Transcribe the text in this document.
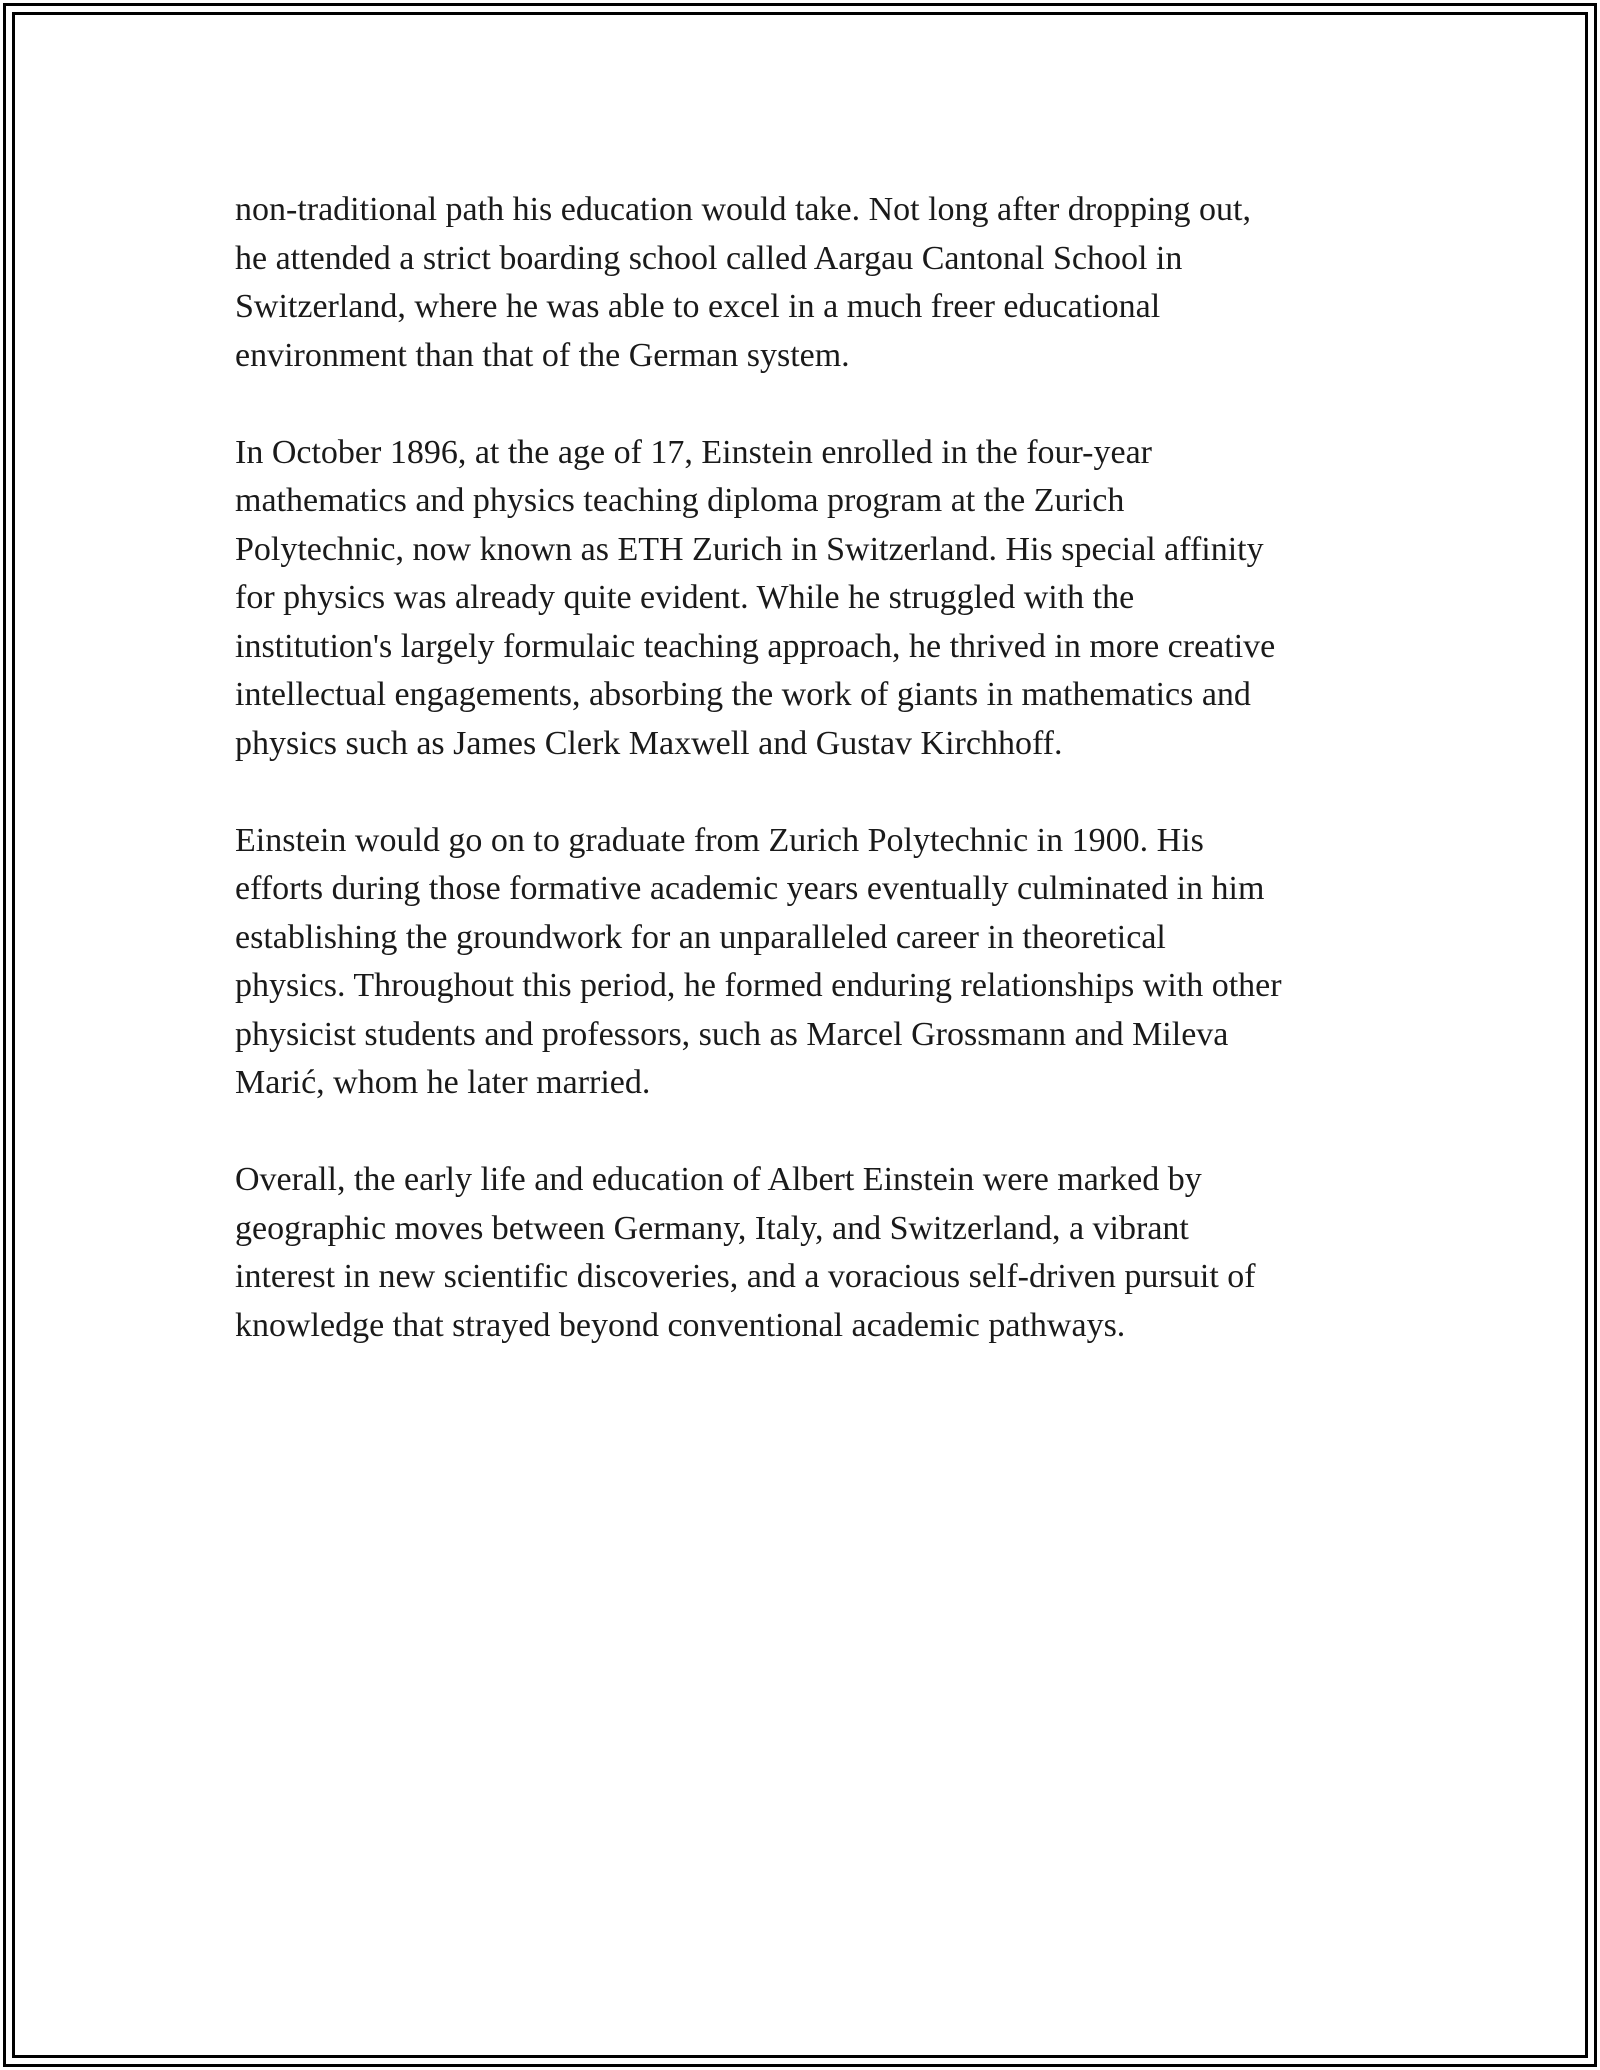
non-traditional path his education would take. Not long after dropping out,
he attended a strict boarding school called Aargau Cantonal School in
Switzerland, where he was able to excel in a much freer educational
environment than that of the German system.

In October 1896, at the age of 17, Einstein enrolled in the four-year
mathematics and physics teaching diploma program at the Zurich
Polytechnic, now known as ETH Zurich in Switzerland. His special affinity
for physics was already quite evident. While he struggled with the
institution's largely formulaic teaching approach, he thrived in more creative
intellectual engagements, absorbing the work of giants in mathematics and
physics such as James Clerk Maxwell and Gustav Kirchhoff.

Einstein would go on to graduate from Zurich Polytechnic in 1900. His
efforts during those formative academic years eventually culminated in him
establishing the groundwork for an unparalleled career in theoretical
physics. Throughout this period, he formed enduring relationships with other
physicist students and professors, such as Marcel Grossmann and Mileva
Marić, whom he later married.

Overall, the early life and education of Albert Einstein were marked by
geographic moves between Germany, Italy, and Switzerland, a vibrant
interest in new scientific discoveries, and a voracious self-driven pursuit of
knowledge that strayed beyond conventional academic pathways.
